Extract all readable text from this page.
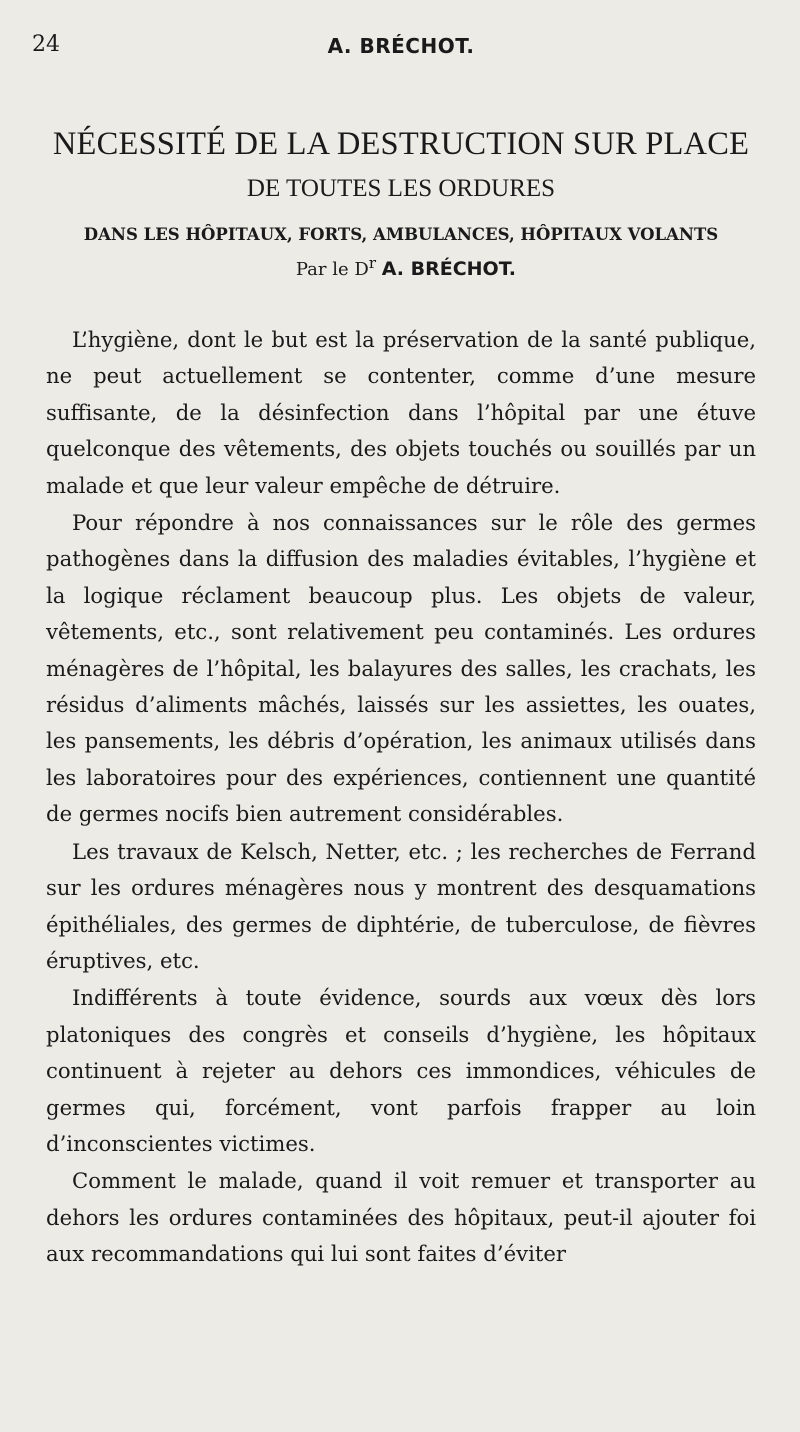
24	A. BRÉCHOT.
NÉCESSITÉ DE LA DESTRUCTION SUR PLACE
DE TOUTES LES ORDURES
DANS LES HÔPITAUX, FORTS, AMBULANCES, HÔPITAUX VOLANTS
Par le $D^r$ A. BRÉCHOT.

L’hygiène, dont le but est la préservation de la santé publique, ne peut actuellement se contenter, comme d’une mesure suffisante, de la désinfection dans l’hôpital par une étuve quelconque des vêtements, des objets touchés ou souillés par un malade et que leur valeur empêche de détruire.

Pour répondre à nos connaissances sur le rôle des germes pathogènes dans la diffusion des maladies évitables, l’hygiène et la logique réclament beaucoup plus. Les objets de valeur, vêtements, etc., sont relativement peu contaminés. Les ordures ménagères de l’hôpital, les balayures des salles, les crachats, les résidus d’aliments mâchés, laissés sur les assiettes, les ouates, les pansements, les débris d’opération, les animaux utilisés dans les laboratoires pour des expériences, contiennent une quantité de germes nocifs bien autrement considérables.

Les travaux de Kelsch, Netter, etc. ; les recherches de Ferrand sur les ordures ménagères nous y montrent des desquamations épithéliales, des germes de diphtérie, de tuberculose, de fièvres éruptives, etc.

Indifférents à toute évidence, sourds aux vœux dès lors platoniques des congrès et conseils d’hygiène, les hôpitaux continuent à rejeter au dehors ces immondices, véhicules de germes qui, forcément, vont parfois frapper au loin d’inconscientes victimes.

Comment le malade, quand il voit remuer et transporter au dehors les ordures contaminées des hôpitaux, peut-il ajouter foi aux recommandations qui lui sont faites d’éviter
